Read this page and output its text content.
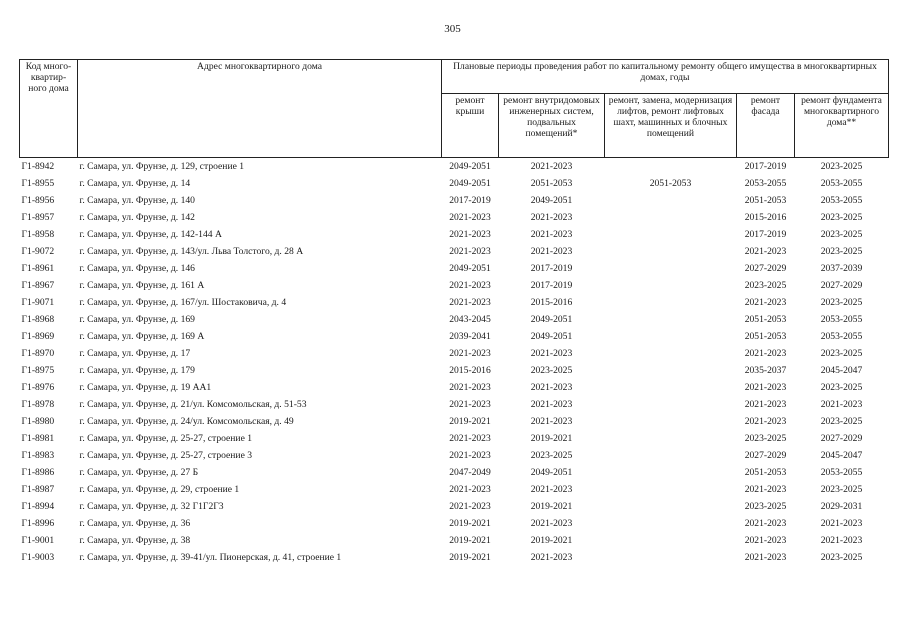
305
Код много-квартир-ного дома	Адрес многоквартирного дома	Плановые периоды проведения работ по капитальному ремонту общего имущества в многоквартирных домах, годы				
		ремонт крыши	ремонт внутридомовых инженерных систем, подвальных помещений*	ремонт, замена, модернизация лифтов, ремонт лифтовых шахт, машинных и блочных помещений	ремонт фасада	ремонт фундамента многоквартирного дома**
Г1-8942	г. Самара, ул. Фрунзе, д. 129, строение 1	2049-2051	2021-2023		2017-2019	2023-2025
Г1-8955	г. Самара, ул. Фрунзе, д. 14	2049-2051	2051-2053	2051-2053	2053-2055	2053-2055
Г1-8956	г. Самара, ул. Фрунзе, д. 140	2017-2019	2049-2051		2051-2053	2053-2055
Г1-8957	г. Самара, ул. Фрунзе, д. 142	2021-2023	2021-2023		2015-2016	2023-2025
Г1-8958	г. Самара, ул. Фрунзе, д. 142-144 А	2021-2023	2021-2023		2017-2019	2023-2025
Г1-9072	г. Самара, ул. Фрунзе, д. 143/ул. Льва Толстого, д. 28 А	2021-2023	2021-2023		2021-2023	2023-2025
Г1-8961	г. Самара, ул. Фрунзе, д. 146	2049-2051	2017-2019		2027-2029	2037-2039
Г1-8967	г. Самара, ул. Фрунзе, д. 161 А	2021-2023	2017-2019		2023-2025	2027-2029
Г1-9071	г. Самара, ул. Фрунзе, д. 167/ул. Шостаковича, д. 4	2021-2023	2015-2016		2021-2023	2023-2025
Г1-8968	г. Самара, ул. Фрунзе, д. 169	2043-2045	2049-2051		2051-2053	2053-2055
Г1-8969	г. Самара, ул. Фрунзе, д. 169 А	2039-2041	2049-2051		2051-2053	2053-2055
Г1-8970	г. Самара, ул. Фрунзе, д. 17	2021-2023	2021-2023		2021-2023	2023-2025
Г1-8975	г. Самара, ул. Фрунзе, д. 179	2015-2016	2023-2025		2035-2037	2045-2047
Г1-8976	г. Самара, ул. Фрунзе, д. 19 АА1	2021-2023	2021-2023		2021-2023	2023-2025
Г1-8978	г. Самара, ул. Фрунзе, д. 21/ул. Комсомольская, д. 51-53	2021-2023	2021-2023		2021-2023	2021-2023
Г1-8980	г. Самара, ул. Фрунзе, д. 24/ул. Комсомольская, д. 49	2019-2021	2021-2023		2021-2023	2023-2025
Г1-8981	г. Самара, ул. Фрунзе, д. 25-27, строение 1	2021-2023	2019-2021		2023-2025	2027-2029
Г1-8983	г. Самара, ул. Фрунзе, д. 25-27, строение 3	2021-2023	2023-2025		2027-2029	2045-2047
Г1-8986	г. Самара, ул. Фрунзе, д. 27 Б	2047-2049	2049-2051		2051-2053	2053-2055
Г1-8987	г. Самара, ул. Фрунзе, д. 29, строение 1	2021-2023	2021-2023		2021-2023	2023-2025
Г1-8994	г. Самара, ул. Фрунзе, д. 32 Г1Г2Г3	2021-2023	2019-2021		2023-2025	2029-2031
Г1-8996	г. Самара, ул. Фрунзе, д. 36	2019-2021	2021-2023		2021-2023	2021-2023
Г1-9001	г. Самара, ул. Фрунзе, д. 38	2019-2021	2019-2021		2021-2023	2021-2023
Г1-9003	г. Самара, ул. Фрунзе, д. 39-41/ул. Пионерская, д. 41, строение 1	2019-2021	2021-2023		2021-2023	2023-2025
